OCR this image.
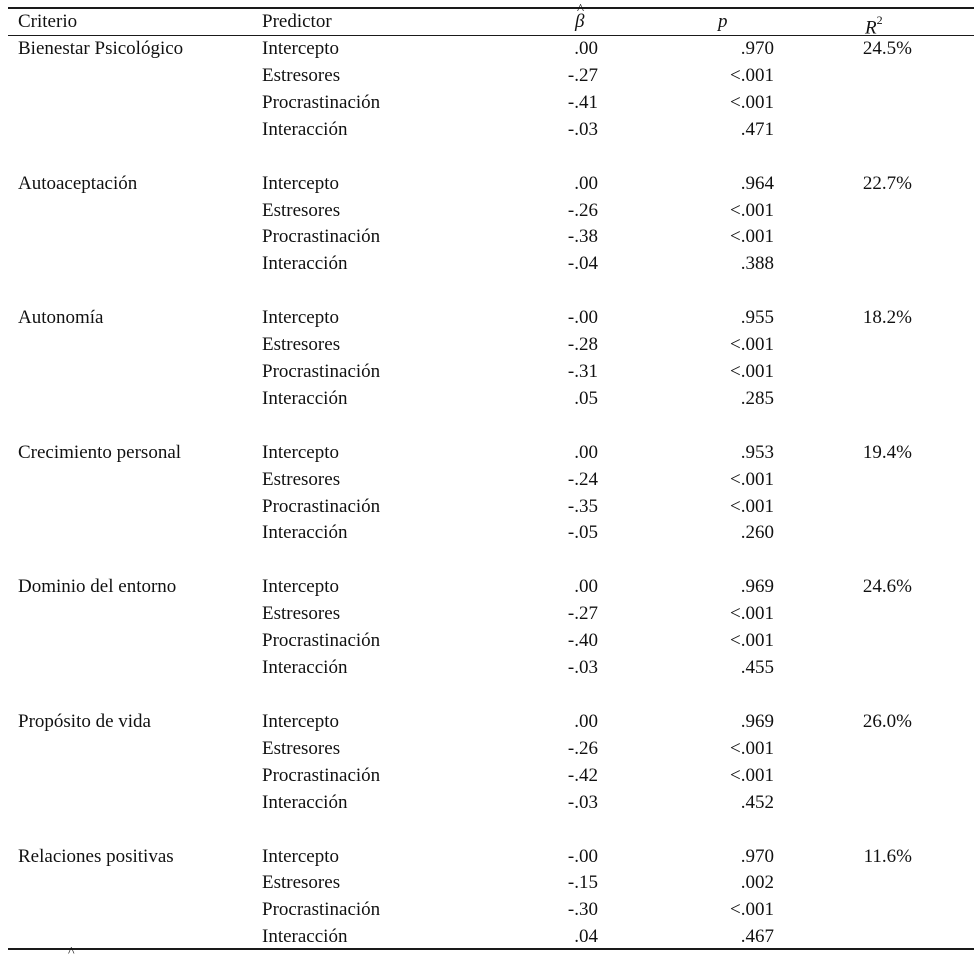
Criterio	Predictor
^	β	p	$R^2$
Bienestar Psicológico	24.5%
Intercepto	.00	.970
Estresores	-.27	<.001
Procrastinación	-.41	<.001
Interacción	-.03	.471
Autoaceptación	22.7%
Intercepto	.00	.964
Estresores	-.26	<.001
Procrastinación	-.38	<.001
Interacción	-.04	.388
Autonomía	18.2%
Intercepto	-.00	.955
Estresores	-.28	<.001
Procrastinación	-.31	<.001
Interacción	.05	.285
Crecimiento personal	19.4%
Intercepto	.00	.953
Estresores	-.24	<.001
Procrastinación	-.35	<.001
Interacción	-.05	.260
Dominio del entorno	24.6%
Intercepto	.00	.969
Estresores	-.27	<.001
Procrastinación	-.40	<.001
Interacción	-.03	.455
Propósito de vida	26.0%
Intercepto	.00	.969
Estresores	-.26	<.001
Procrastinación	-.42	<.001
Interacción	-.03	.452
Relaciones positivas	11.6%
Intercepto	-.00	.970
Estresores	-.15	.002
Procrastinación	-.30	<.001
Interacción	.04	.467
^
